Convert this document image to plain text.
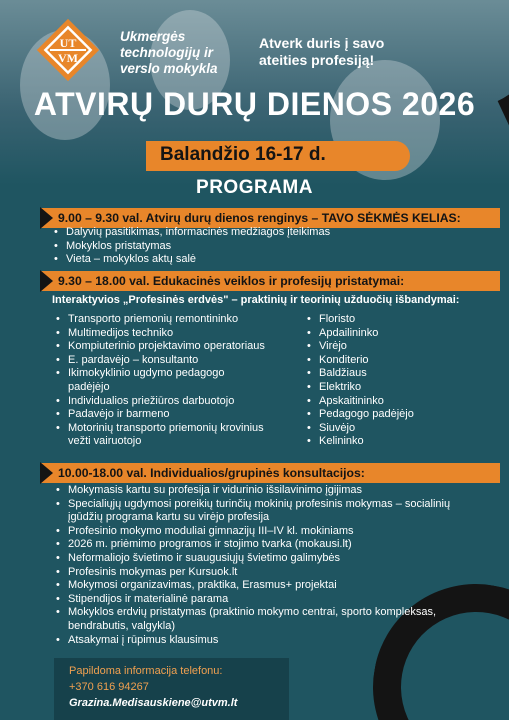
UT
VM
Ukmergės technologijų ir verslo mokykla
Atverk duris į savo ateities profesiją!
ATVIRŲ DURŲ DIENOS 2026
Balandžio 16-17 d.
PROGRAMA
9.00 – 9.30 val. Atvirų durų dienos renginys – TAVO SĖKMĖS KELIAS:
• Dalyvių pasitikimas, informacinės medžiagos įteikimas
• Mokyklos pristatymas
• Vieta – mokyklos aktų salė
9.30 – 18.00 val. Edukacinės veiklos ir profesijų pristatymai:
Interaktyvios „Profesinės erdvės" – praktinių ir teorinių užduočių išbandymai:
• Transporto priemonių remontininko
• Multimedijos techniko
• Kompiuterinio projektavimo operatoriaus
• E. pardavėjo – konsultanto
• Ikimokyklinio ugdymo pedagogo padėjėjo
• Individualios priežiūros darbuotojo
• Padavėjo ir barmeno
• Motorinių transporto priemonių krovinius vežti vairuotojo
• Floristo
• Apdailininko
• Virėjo
• Konditerio
• Baldžiaus
• Elektriko
• Apskaitininko
• Pedagogo padėjėjo
• Siuvėjo
• Kelininko
10.00-18.00 val. Individualios/grupinės konsultacijos:
• Mokymasis kartu su profesija ir vidurinio išsilavinimo įgijimas
• Specialiųjų ugdymosi poreikių turinčių mokinių profesinis mokymas – socialinių įgūdžių programa kartu su virėjo profesija
• Profesinio mokymo moduliai gimnazijų III–IV kl. mokiniams
• 2026 m. priėmimo programos ir stojimo tvarka (mokausi.lt)
• Neformaliojo švietimo ir suaugusiųjų švietimo galimybės
• Profesinis mokymas per Kursuok.lt
• Mokymosi organizavimas, praktika, Erasmus+ projektai
• Stipendijos ir materialinė parama
• Mokyklos erdvių pristatymas (praktinio mokymo centrai, sporto kompleksas, bendrabutis, valgykla)
• Atsakymai į rūpimus klausimus
Papildoma informacija telefonu:
+370 616 94267
Grazina.Medisauskiene@utvm.lt
